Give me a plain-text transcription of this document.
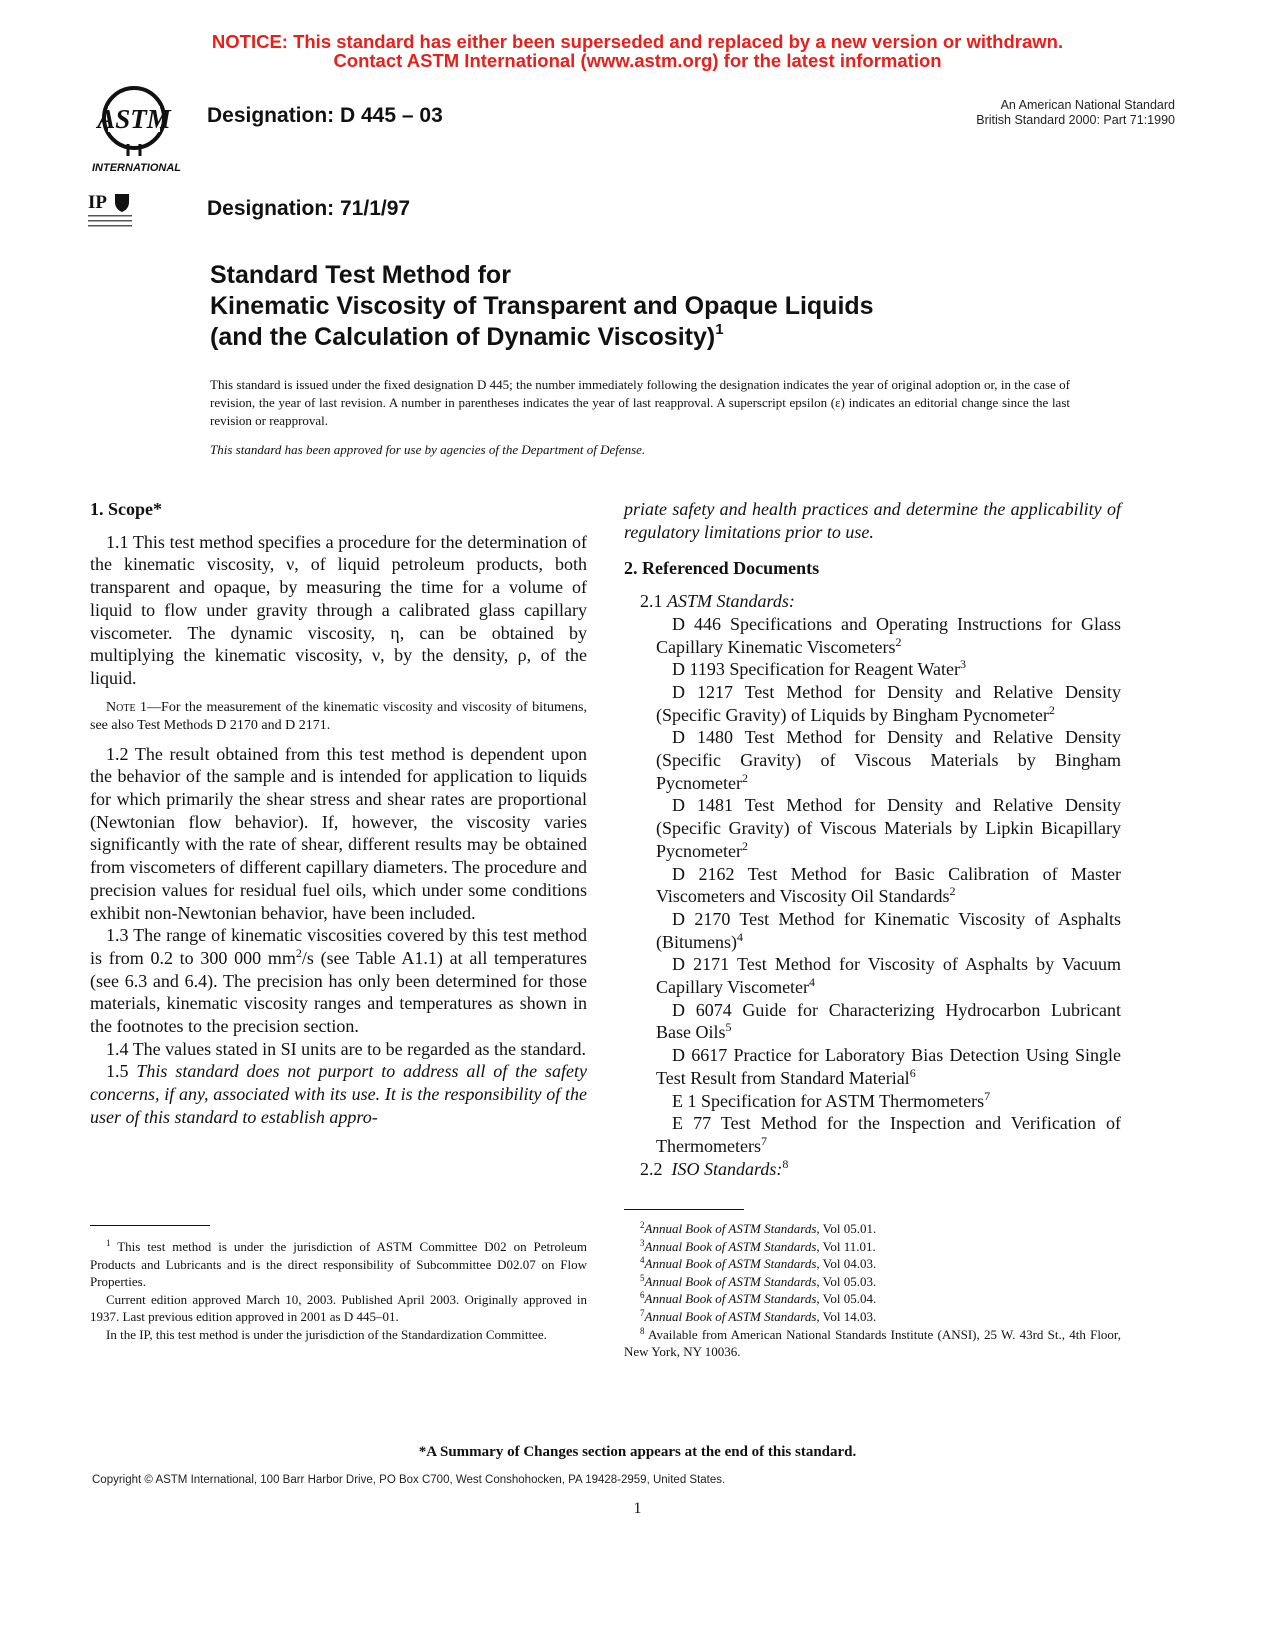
NOTICE: This standard has either been superseded and replaced by a new version or withdrawn.
Contact ASTM International (www.astm.org) for the latest information
ASTM
INTERNATIONAL
Designation: D 445 – 03	An American National Standard
British Standard 2000: Part 71:1990
IP	Designation: 71/1/97
Standard Test Method for
Kinematic Viscosity of Transparent and Opaque Liquids
(and the Calculation of Dynamic Viscosity)$^1$
This standard is issued under the fixed designation D 445; the number immediately following the designation indicates the year of original adoption or, in the case of revision, the year of last revision. A number in parentheses indicates the year of last reapproval. A superscript epsilon (ε) indicates an editorial change since the last revision or reapproval.
This standard has been approved for use by agencies of the Department of Defense.

1. Scope*

1.1 This test method specifies a procedure for the determination of the kinematic viscosity, ν, of liquid petroleum products, both transparent and opaque, by measuring the time for a volume of liquid to flow under gravity through a calibrated glass capillary viscometer. The dynamic viscosity, η, can be obtained by multiplying the kinematic viscosity, ν, by the density, ρ, of the liquid.

Note 1—For the measurement of the kinematic viscosity and viscosity of bitumens, see also Test Methods D 2170 and D 2171.

1.2 The result obtained from this test method is dependent upon the behavior of the sample and is intended for application to liquids for which primarily the shear stress and shear rates are proportional (Newtonian flow behavior). If, however, the viscosity varies significantly with the rate of shear, different results may be obtained from viscometers of different capillary diameters. The procedure and precision values for residual fuel oils, which under some conditions exhibit non-Newtonian behavior, have been included.

1.3 The range of kinematic viscosities covered by this test method is from 0.2 to 300 000 $mm^2/s$ (see Table A1.1) at all temperatures (see 6.3 and 6.4). The precision has only been determined for those materials, kinematic viscosity ranges and temperatures as shown in the footnotes to the precision section.

1.4 The values stated in SI units are to be regarded as the standard.

1.5 This standard does not purport to address all of the safety concerns, if any, associated with its use. It is the responsibility of the user of this standard to establish appro-

priate safety and health practices and determine the applicability of regulatory limitations prior to use.

2. Referenced Documents

2.1 ASTM Standards:

D 446 Specifications and Operating Instructions for Glass Capillary Kinematic Viscometers$^2$

D 1193 Specification for Reagent Water$^3$

D 1217 Test Method for Density and Relative Density (Specific Gravity) of Liquids by Bingham Pycnometer$^2$

D 1480 Test Method for Density and Relative Density (Specific Gravity) of Viscous Materials by Bingham Pycnometer$^2$

D 1481 Test Method for Density and Relative Density (Specific Gravity) of Viscous Materials by Lipkin Bicapillary Pycnometer$^2$

D 2162 Test Method for Basic Calibration of Master Viscometers and Viscosity Oil Standards$^2$

D 2170 Test Method for Kinematic Viscosity of Asphalts (Bitumens)$^4$

D 2171 Test Method for Viscosity of Asphalts by Vacuum Capillary Viscometer$^4$

D 6074 Guide for Characterizing Hydrocarbon Lubricant Base Oils$^5$

D 6617 Practice for Laboratory Bias Detection Using Single Test Result from Standard Material$^6$

E 1 Specification for ASTM Thermometers$^7$

E 77 Test Method for the Inspection and Verification of Thermometers$^7$

2.2 ISO Standards:$^8$

$^1$ This test method is under the jurisdiction of ASTM Committee D02 on Petroleum Products and Lubricants and is the direct responsibility of Subcommittee D02.07 on Flow Properties.

Current edition approved March 10, 2003. Published April 2003. Originally approved in 1937. Last previous edition approved in 2001 as D 445–01.

In the IP, this test method is under the jurisdiction of the Standardization Committee.

$^2$Annual Book of ASTM Standards, Vol 05.01.

$^3$Annual Book of ASTM Standards, Vol 11.01.

$^4$Annual Book of ASTM Standards, Vol 04.03.

$^5$Annual Book of ASTM Standards, Vol 05.03.

$^6$Annual Book of ASTM Standards, Vol 05.04.

$^7$Annual Book of ASTM Standards, Vol 14.03.

$^8$ Available from American National Standards Institute (ANSI), 25 W. 43rd St., 4th Floor, New York, NY 10036.

*A Summary of Changes section appears at the end of this standard.
Copyright © ASTM International, 100 Barr Harbor Drive, PO Box C700, West Conshohocken, PA 19428-2959, United States.
1
